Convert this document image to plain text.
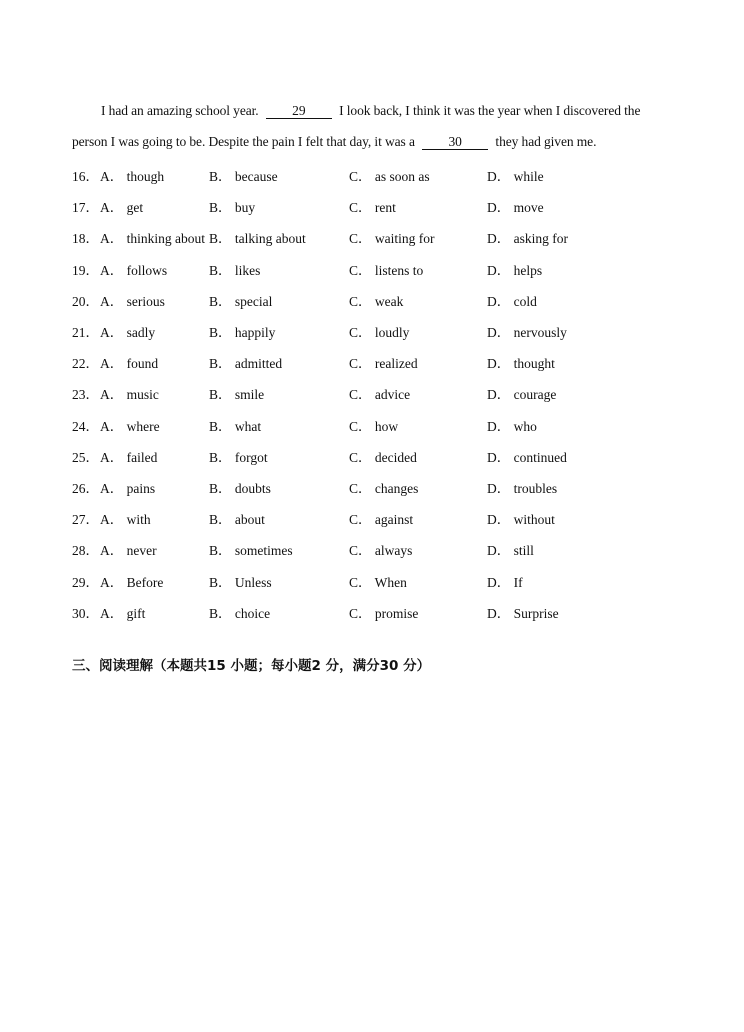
I had an amazing school year. 29 I look back, I think it was the year when I discovered the
person I was going to be. Despite the pain I felt that day, it was a 30 they had given me.
16． A． though	B． because	C． as soon as	D． while
17． A． get	B． buy	C． rent	D． move
18． A． thinking about B． talking about	C． waiting for	D． asking for
19． A． follows	B． likes	C． listens to	D． helps
20． A． serious	B． special	C． weak	D． cold
21． A． sadly	B． happily	C． loudly	D． nervously
22． A． found	B． admitted	C． realized	D． thought
23． A． music	B． smile	C． advice	D． courage
24． A． where	B． what	C． how	D． who
25． A． failed	B． forgot	C． decided	D． continued
26． A． pains	B． doubts	C． changes	D． troubles
27． A． with	B． about	C． against	D． without
28． A． never	B． sometimes	C． always	D． still
29． A． Before	B． Unless	C． When	D． If
30． A． gift	B． choice	C． promise	D． Surprise
三、阅读理解（本题共15 小题；每小题2 分，满分30 分）
